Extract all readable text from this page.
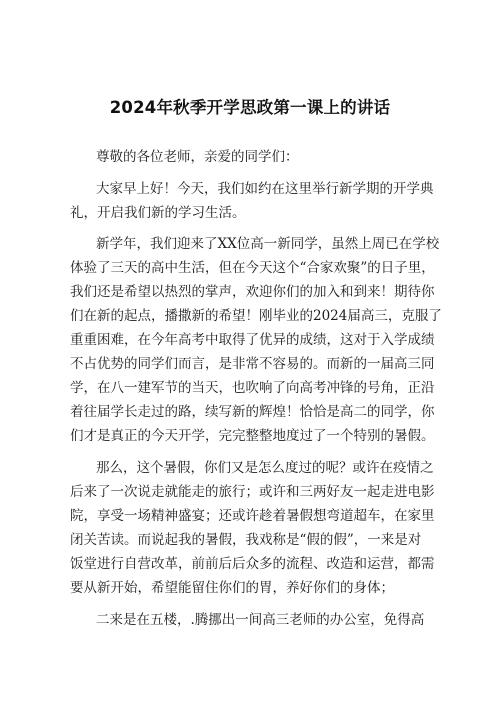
2024年秋季开学思政第一课上的讲话
尊敬的各位老师，亲爱的同学们：
大家早上好！今天，我们如约在这里举行新学期的开学典
礼，开启我们新的学习生活。
新学年，我们迎来了XX位高一新同学，虽然上周已在学校
体验了三天的高中生活，但在今天这个“合家欢聚”的日子里，
我们还是希望以热烈的掌声，欢迎你们的加入和到来！期待你
们在新的起点，播撒新的希望！刚毕业的2024届高三，克服了
重重困难，在今年高考中取得了优异的成绩，这对于入学成绩
不占优势的同学们而言，是非常不容易的。而新的一届高三同
学，在八一建军节的当天，也吹响了向高考冲锋的号角，正沿
着往届学长走过的路，续写新的辉煌！恰恰是高二的同学，你
们才是真正的今天开学，完完整整地度过了一个特别的暑假。
那么，这个暑假，你们又是怎么度过的呢？或许在疫情之
后来了一次说走就能走的旅行；或许和三两好友一起走进电影
院，享受一场精神盛宴；还或许趁着暑假想弯道超车，在家里
闭关苦读。而说起我的暑假，我戏称是“假的假”，一来是对
饭堂进行自营改革，前前后后众多的流程、改造和运营，都需
要从新开始，希望能留住你们的胃，养好你们的身体；
二来是在五楼，.腾挪出一间高三老师的办公室，免得高
